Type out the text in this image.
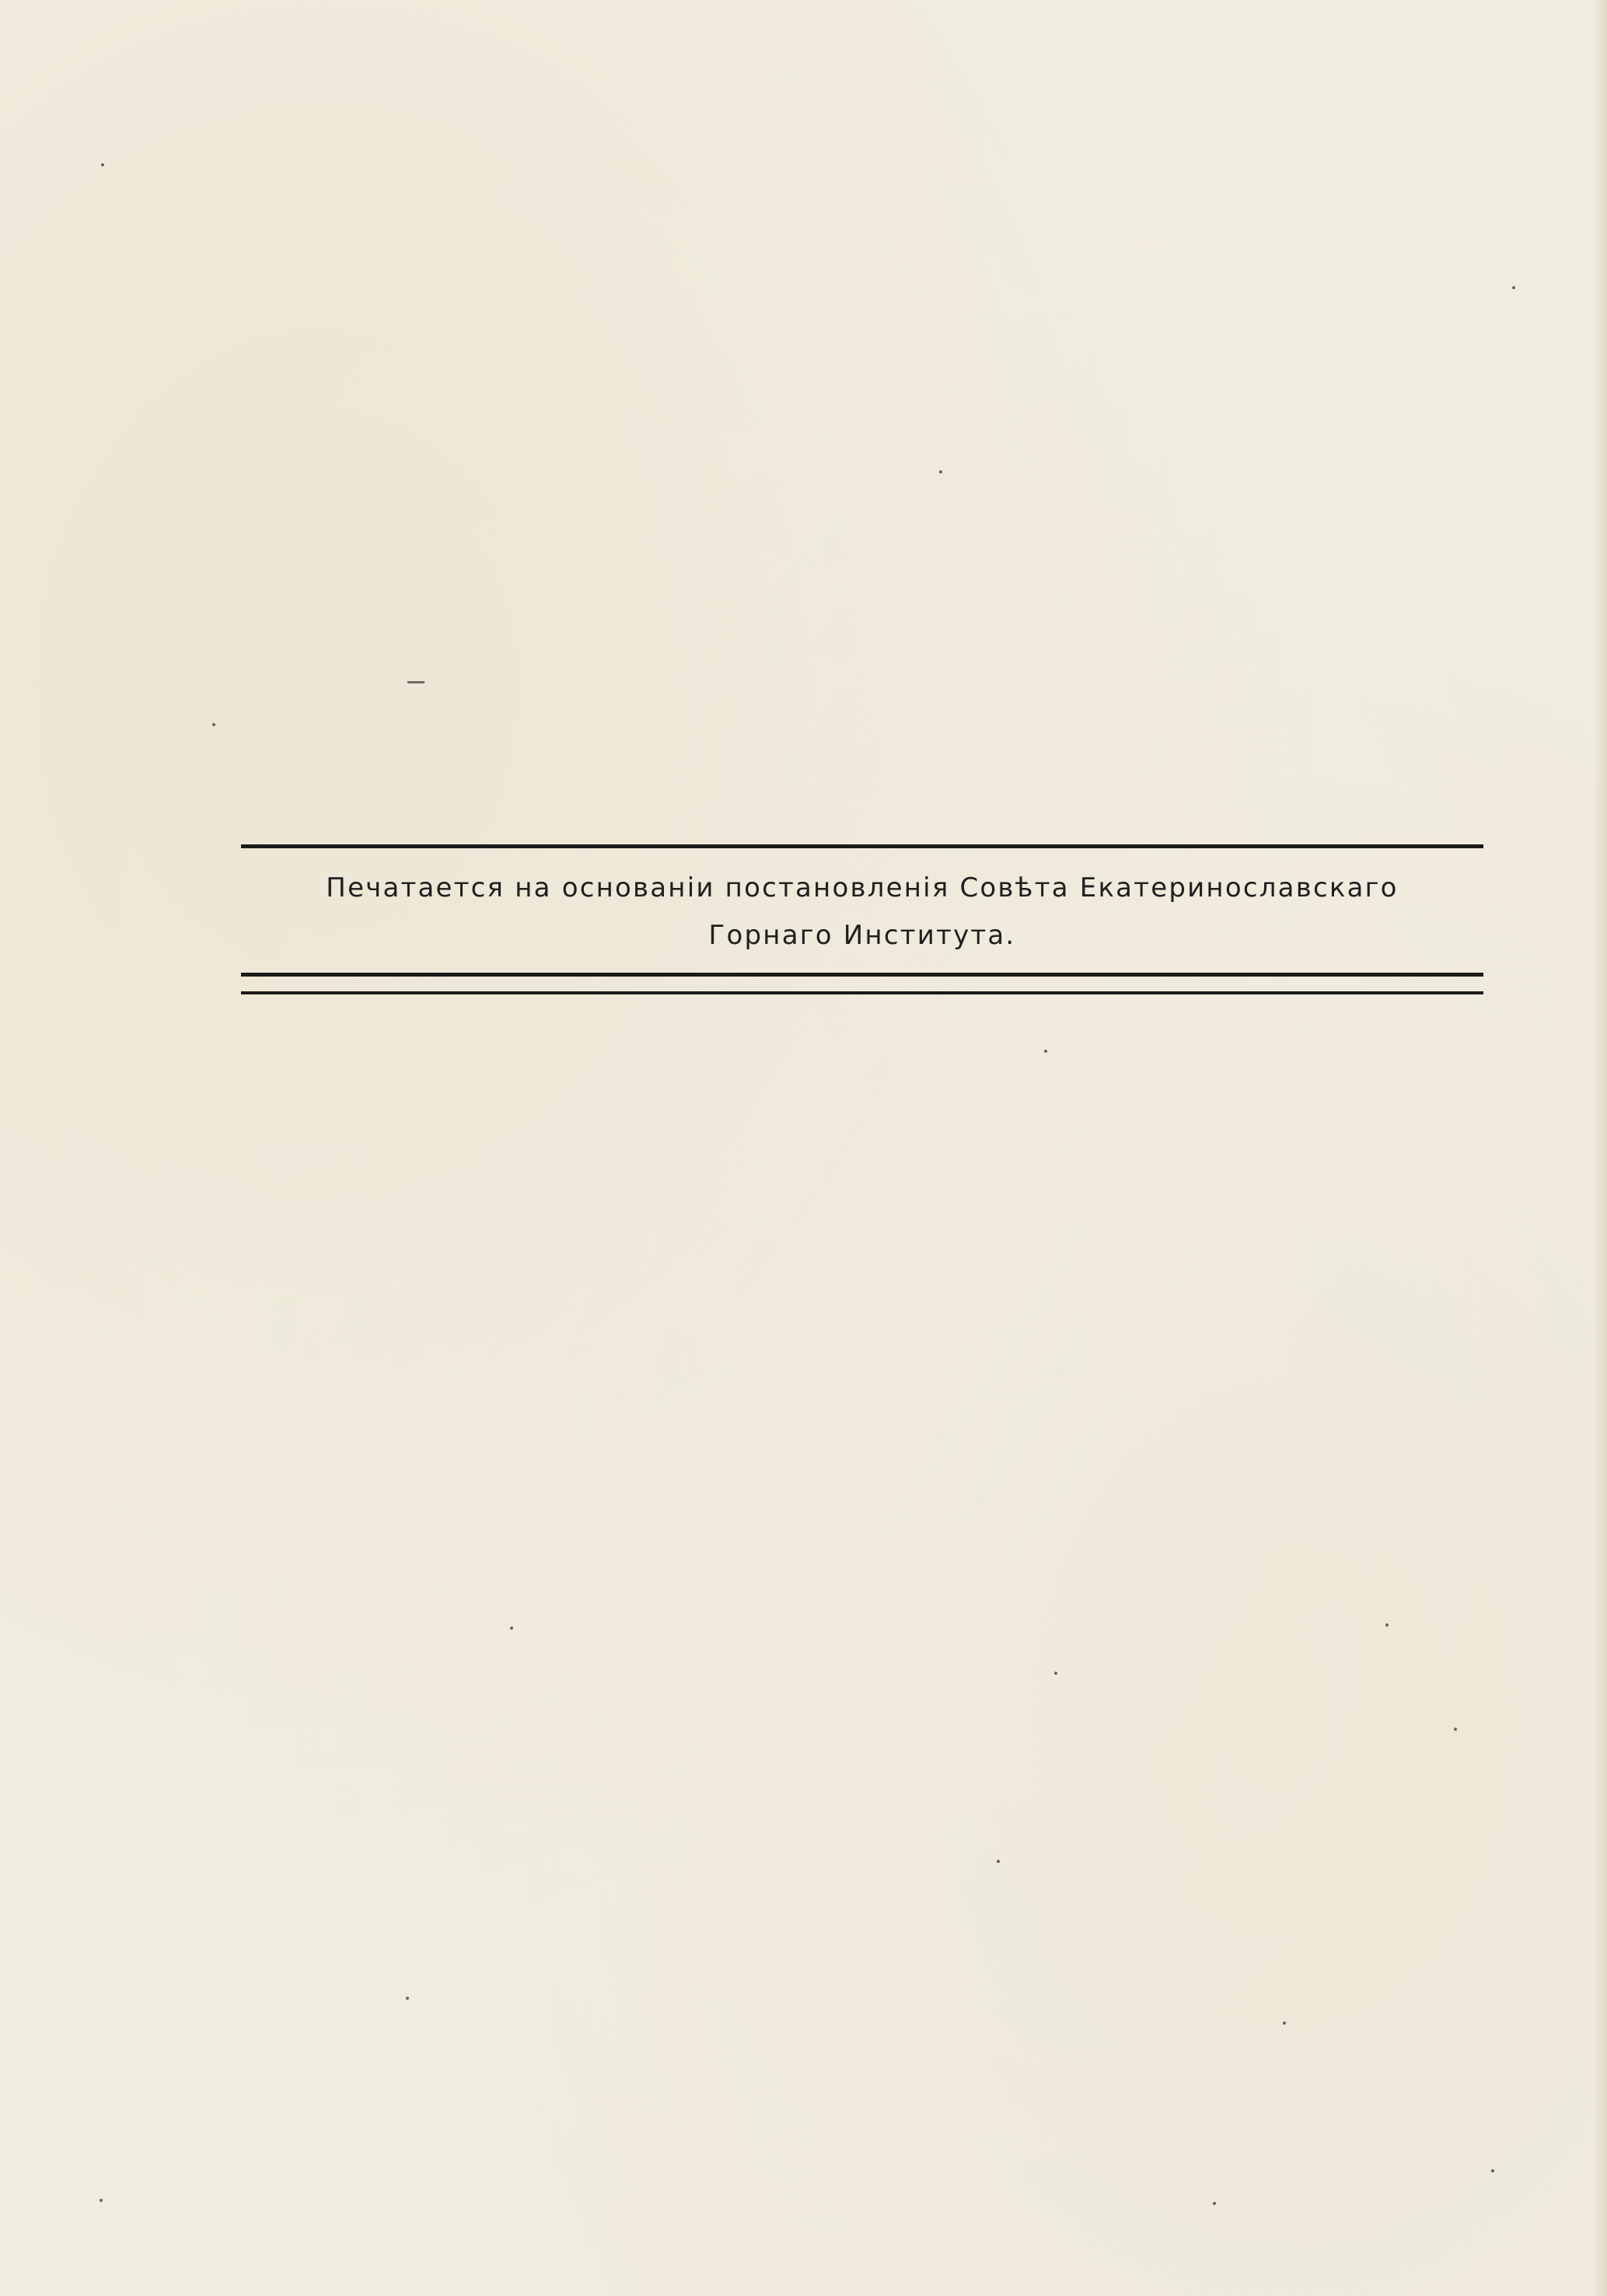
Печатается на основанiи постановленiя Совѣта Екатеринославскаго
Горнаго Института.
